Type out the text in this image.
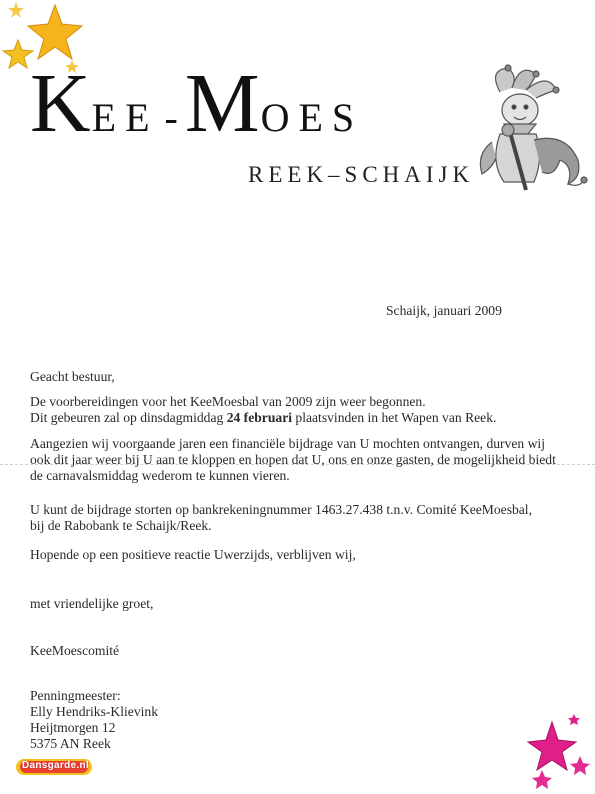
KEE -MOES
REEK–SCHAIJK
Schaijk, januari 2009
Geacht bestuur,
De voorbereidingen voor het KeeMoesbal van 2009 zijn weer begonnen.
Dit gebeuren zal op dinsdagmiddag 24 februari plaatsvinden in het Wapen van Reek.
Aangezien wij voorgaande jaren een financiële bijdrage van U mochten ontvangen, durven wij
ook dit jaar weer bij U aan te kloppen en hopen dat U, ons en onze gasten, de mogelijkheid biedt
de carnavalsmiddag wederom te kunnen vieren.
U kunt de bijdrage storten op bankrekeningnummer 1463.27.438 t.n.v. Comité KeeMoesbal,
bij de Rabobank te Schaijk/Reek.
Hopende op een positieve reactie Uwerzijds, verblijven wij,
met vriendelijke groet,
KeeMoescomité
Penningmeester:
Elly Hendriks-Klievink
Heijtmorgen 12
5375 AN Reek
Dansgarde.nl
